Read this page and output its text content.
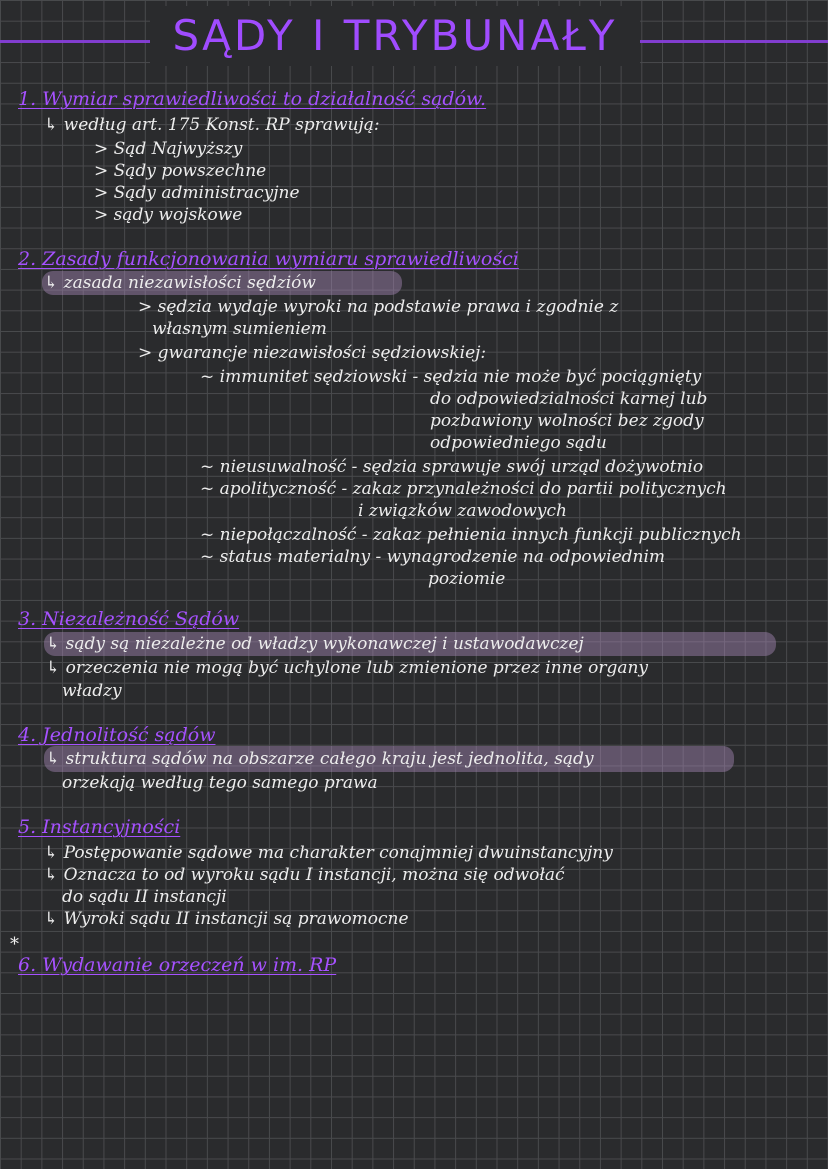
SĄDY I TRYBUNAŁY
1. Wymiar sprawiedliwości to działalność sądów.
↳ według art. 175 Konst. RP sprawują:
> Sąd Najwyższy
> Sądy powszechne
> Sądy administracyjne
> sądy wojskowe
2. Zasady funkcjonowania wymiaru sprawiedliwości
↳ zasada niezawisłości sędziów
> sędzia wydaje wyroki na podstawie prawa i zgodnie z
własnym sumieniem
> gwarancje niezawisłości sędziowskiej:
~ immunitet sędziowski - sędzia nie może być pociągnięty
do odpowiedzialności karnej lub
pozbawiony wolności bez zgody
odpowiedniego sądu
~ nieusuwalność - sędzia sprawuje swój urząd dożywotnio
~ apolityczność - zakaz przynależności do partii politycznych
i związków zawodowych
~ niepołączalność - zakaz pełnienia innych funkcji publicznych
~ status materialny - wynagrodzenie na odpowiednim
poziomie
3. Niezależność Sądów
↳ sądy są niezależne od władzy wykonawczej i ustawodawczej
↳ orzeczenia nie mogą być uchylone lub zmienione przez inne organy
władzy
4. Jednolitość sądów
↳ struktura sądów na obszarze całego kraju jest jednolita, sądy
orzekają według tego samego prawa
5. Instancyjności
↳ Postępowanie sądowe ma charakter conajmniej dwuinstancyjny
↳ Oznacza to od wyroku sądu I instancji, można się odwołać
do sądu II instancji
↳ Wyroki sądu II instancji są prawomocne
*
6. Wydawanie orzeczeń w im. RP
